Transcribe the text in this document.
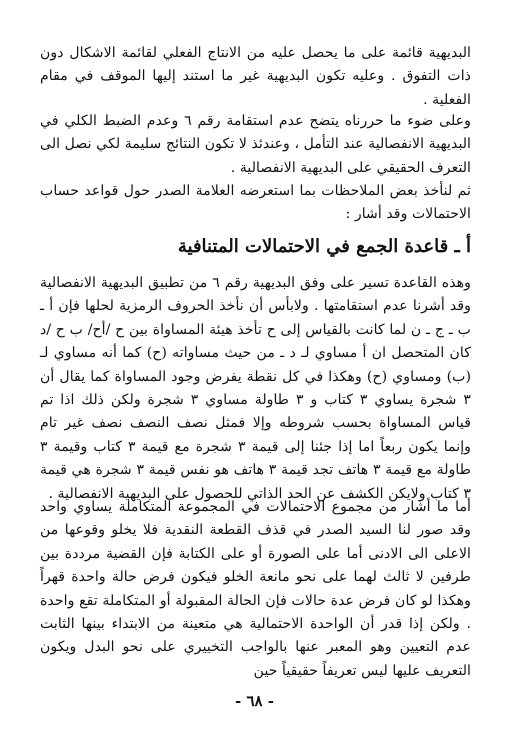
البديهية قائمة على ما يحصل عليه من الانتاج الفعلي لقائمة الاشكال دون ذات التفوق . وعليه تكون البديهية غير ما استند إليها الموقف في مقام الفعلية .

وعلى ضوء ما حررناه يتضح عدم استقامة رقم ٦ وعدم الضبط الكلي في البديهية الانفصالية عند التأمل ، وعندئذ لا تكون النتائج سليمة لكي نصل الى التعرف الحقيقي على البديهية الانفصالية .

ثم لنأخذ بعض الملاحظات بما استعرضه العلامة الصدر حول قواعد حساب الاحتمالات وقد أشار :

أ ـ قاعدة الجمع في الاحتمالات المتنافية

وهذه القاعدة تسير على وفق البديهية رقم ٦ من تطبيق البديهية الانفصالية وقد أشرنا عدم استقامتها . ولابأس أن نأخذ الحروف الرمزية لحلها فإن أ ـ ب ـ ج ـ ن لما كانت بالقياس إلى ح تأخذ هيئة المساواة بين ح /أح/ ب ح /د كان المتحصل ان أ مساوي لـ د ـ من حيث مساواته (ح) كما أنه مساوي لـ (ب) ومساوي (ح) وهكذا في كل نقطة يفرض وجود المساواة كما يقال أن ٣ شجرة يساوي ٣ كتاب و ٣ طاولة مساوي ٣ شجرة ولكن ذلك اذا تم قياس المساواة بحسب شروطه وإلا فمثل نصف النصف نصف غير تام وإنما يكون ربعاً اما إذا جئنا إلى قيمة ٣ شجرة مع قيمة ٣ كتاب وقيمة ٣ طاولة مع قيمة ٣ هاتف تجد قيمة ٣ هاتف هو نفس قيمة ٣ شجرة هي قيمة ٣ كتاب ولايكن الكشف عن الحد الذاتي للحصول على البديهية الانفصالية .

أما ما أشار من مجموع الاحتمالات في المجموعة المتكاملة يساوي واحد وقد صور لنا السيد الصدر في قذف القطعة النقدية فلا يخلو وقوعها من الاعلى الى الادنى أما على الصورة أو على الكتابة فإن القضية مرددة بين طرفين لا ثالث لهما على نحو مانعة الخلو فيكون فرض حالة واحدة قهراً وهكذا لو كان فرض عدة حالات فإن الحالة المقبولة أو المتكاملة تقع واحدة . ولكن إذا قدر أن الواحدة الاحتمالية هي متعينة من الابتداء بينها الثابت عدم التعيين وهو المعبر عنها بالواجب التخييري على نحو البدل ويكون التعريف عليها ليس تعريفاً حقيقياً حين

- ٦٨ -
